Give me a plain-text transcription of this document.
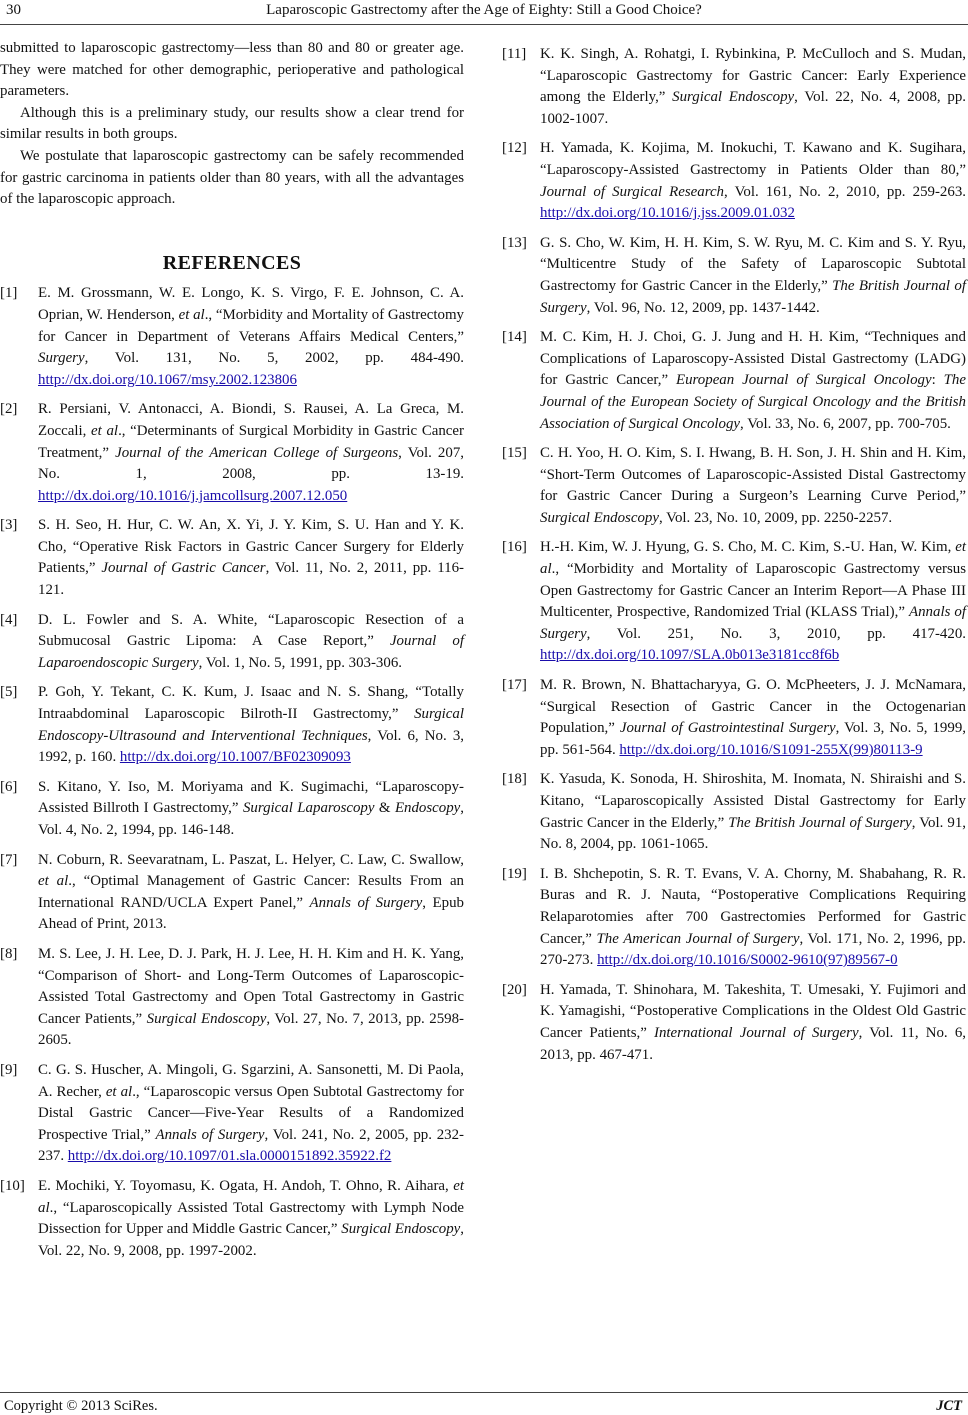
30	Laparoscopic Gastrectomy after the Age of Eighty: Still a Good Choice?

submitted to laparoscopic gastrectomy—less than 80 and 80 or greater age. They were matched for other demographic, perioperative and pathological parameters.

Although this is a preliminary study, our results show a clear trend for similar results in both groups.

We postulate that laparoscopic gastrectomy can be safely recommended for gastric carcinoma in patients older than 80 years, with all the advantages of the laparoscopic approach.

REFERENCES
[1]	E. M. Grossmann, W. E. Longo, K. S. Virgo, F. E. Johnson, C. A. Oprian, W. Henderson, et al., “Morbidity and Mortality of Gastrectomy for Cancer in Department of Veterans Affairs Medical Centers,” Surgery, Vol. 131, No. 5, 2002, pp. 484-490. http://dx.doi.org/10.1067/msy.2002.123806
[2]	R. Persiani, V. Antonacci, A. Biondi, S. Rausei, A. La Greca, M. Zoccali, et al., “Determinants of Surgical Morbidity in Gastric Cancer Treatment,” Journal of the American College of Surgeons, Vol. 207, No. 1, 2008, pp. 13-19. http://dx.doi.org/10.1016/j.jamcollsurg.2007.12.050
[3]	S. H. Seo, H. Hur, C. W. An, X. Yi, J. Y. Kim, S. U. Han and Y. K. Cho, “Operative Risk Factors in Gastric Cancer Surgery for Elderly Patients,” Journal of Gastric Cancer, Vol. 11, No. 2, 2011, pp. 116-121.
[4]	D. L. Fowler and S. A. White, “Laparoscopic Resection of a Submucosal Gastric Lipoma: A Case Report,” Journal of Laparoendoscopic Surgery, Vol. 1, No. 5, 1991, pp. 303-306.
[5]	P. Goh, Y. Tekant, C. K. Kum, J. Isaac and N. S. Shang, “Totally Intraabdominal Laparoscopic Bilroth-II Gastrectomy,” Surgical Endoscopy-Ultrasound and Interventional Techniques, Vol. 6, No. 3, 1992, p. 160. http://dx.doi.org/10.1007/BF02309093
[6]	S. Kitano, Y. Iso, M. Moriyama and K. Sugimachi, “Laparoscopy-Assisted Billroth I Gastrectomy,” Surgical Laparoscopy & Endoscopy, Vol. 4, No. 2, 1994, pp. 146-148.
[7]	N. Coburn, R. Seevaratnam, L. Paszat, L. Helyer, C. Law, C. Swallow, et al., “Optimal Management of Gastric Cancer: Results From an International RAND/UCLA Expert Panel,” Annals of Surgery, Epub Ahead of Print, 2013.
[8]	M. S. Lee, J. H. Lee, D. J. Park, H. J. Lee, H. H. Kim and H. K. Yang, “Comparison of Short- and Long-Term Outcomes of Laparoscopic-Assisted Total Gastrectomy and Open Total Gastrectomy in Gastric Cancer Patients,” Surgical Endoscopy, Vol. 27, No. 7, 2013, pp. 2598-2605.
[9]	C. G. S. Huscher, A. Mingoli, G. Sgarzini, A. Sansonetti, M. Di Paola, A. Recher, et al., “Laparoscopic versus Open Subtotal Gastrectomy for Distal Gastric Cancer—Five-Year Results of a Randomized Prospective Trial,” Annals of Surgery, Vol. 241, No. 2, 2005, pp. 232-237. http://dx.doi.org/10.1097/01.sla.0000151892.35922.f2
[10] E. Mochiki, Y. Toyomasu, K. Ogata, H. Andoh, T. Ohno, R. Aihara, et al., “Laparoscopically Assisted Total Gastrectomy with Lymph Node Dissection for Upper and Middle Gastric Cancer,” Surgical Endoscopy, Vol. 22, No. 9, 2008, pp. 1997-2002.
[11] K. K. Singh, A. Rohatgi, I. Rybinkina, P. McCulloch and S. Mudan, “Laparoscopic Gastrectomy for Gastric Cancer: Early Experience among the Elderly,” Surgical Endoscopy, Vol. 22, No. 4, 2008, pp. 1002-1007.
[12] H. Yamada, K. Kojima, M. Inokuchi, T. Kawano and K. Sugihara, “Laparoscopy-Assisted Gastrectomy in Patients Older than 80,” Journal of Surgical Research, Vol. 161, No. 2, 2010, pp. 259-263. http://dx.doi.org/10.1016/j.jss.2009.01.032
[13] G. S. Cho, W. Kim, H. H. Kim, S. W. Ryu, M. C. Kim and S. Y. Ryu, “Multicentre Study of the Safety of Laparoscopic Subtotal Gastrectomy for Gastric Cancer in the Elderly,” The British Journal of Surgery, Vol. 96, No. 12, 2009, pp. 1437-1442.
[14] M. C. Kim, H. J. Choi, G. J. Jung and H. H. Kim, “Techniques and Complications of Laparoscopy-Assisted Distal Gastrectomy (LADG) for Gastric Cancer,” European Journal of Surgical Oncology: The Journal of the European Society of Surgical Oncology and the British Association of Surgical Oncology, Vol. 33, No. 6, 2007, pp. 700-705.
[15] C. H. Yoo, H. O. Kim, S. I. Hwang, B. H. Son, J. H. Shin and H. Kim, “Short-Term Outcomes of Laparoscopic-Assisted Distal Gastrectomy for Gastric Cancer During a Surgeon’s Learning Curve Period,” Surgical Endoscopy, Vol. 23, No. 10, 2009, pp. 2250-2257.
[16] H.-H. Kim, W. J. Hyung, G. S. Cho, M. C. Kim, S.-U. Han, W. Kim, et al., “Morbidity and Mortality of Laparoscopic Gastrectomy versus Open Gastrectomy for Gastric Cancer an Interim Report—A Phase III Multicenter, Prospective, Randomized Trial (KLASS Trial),” Annals of Surgery, Vol. 251, No. 3, 2010, pp. 417-420. http://dx.doi.org/10.1097/SLA.0b013e3181cc8f6b
[17] M. R. Brown, N. Bhattacharyya, G. O. McPheeters, J. J. McNamara, “Surgical Resection of Gastric Cancer in the Octogenarian Population,” Journal of Gastrointestinal Surgery, Vol. 3, No. 5, 1999, pp. 561-564. http://dx.doi.org/10.1016/S1091-255X(99)80113-9
[18] K. Yasuda, K. Sonoda, H. Shiroshita, M. Inomata, N. Shiraishi and S. Kitano, “Laparoscopically Assisted Distal Gastrectomy for Early Gastric Cancer in the Elderly,” The British Journal of Surgery, Vol. 91, No. 8, 2004, pp. 1061-1065.
[19] I. B. Shchepotin, S. R. T. Evans, V. A. Chorny, M. Shabahang, R. R. Buras and R. J. Nauta, “Postoperative Complications Requiring Relaparotomies after 700 Gastrectomies Performed for Gastric Cancer,” The American Journal of Surgery, Vol. 171, No. 2, 1996, pp. 270-273. http://dx.doi.org/10.1016/S0002-9610(97)89567-0
[20] H. Yamada, T. Shinohara, M. Takeshita, T. Umesaki, Y. Fujimori and K. Yamagishi, “Postoperative Complications in the Oldest Old Gastric Cancer Patients,” International Journal of Surgery, Vol. 11, No. 6, 2013, pp. 467-471.
Copyright © 2013 SciRes.	JCT
